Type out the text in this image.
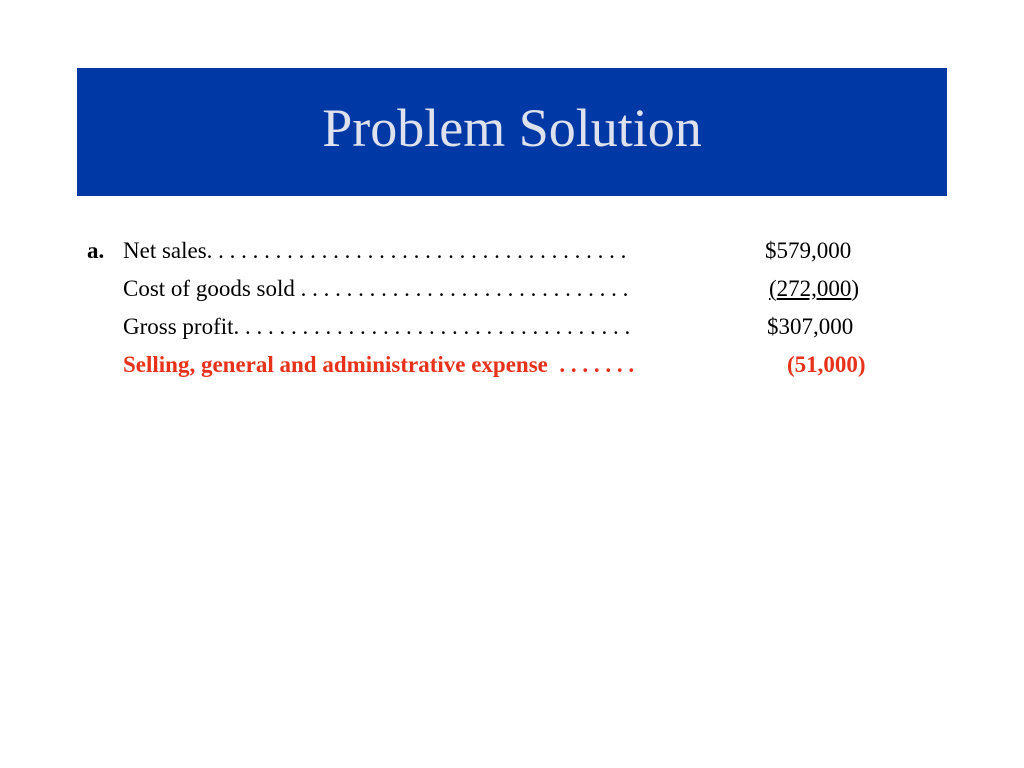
Problem Solution
a. Net sales. . . . . . . . . . . . . . . . . . . . . . . . . . . . . . . . . . . . .	$579,000
Cost of goods sold . . . . . . . . . . . . . . . . . . . . . . . . . . . . .	(272,000)
Gross profit. . . . . . . . . . . . . . . . . . . . . . . . . . . . . . . . . . .	$307,000
Selling, general and administrative expense  . . . . . . .	(51,000)
